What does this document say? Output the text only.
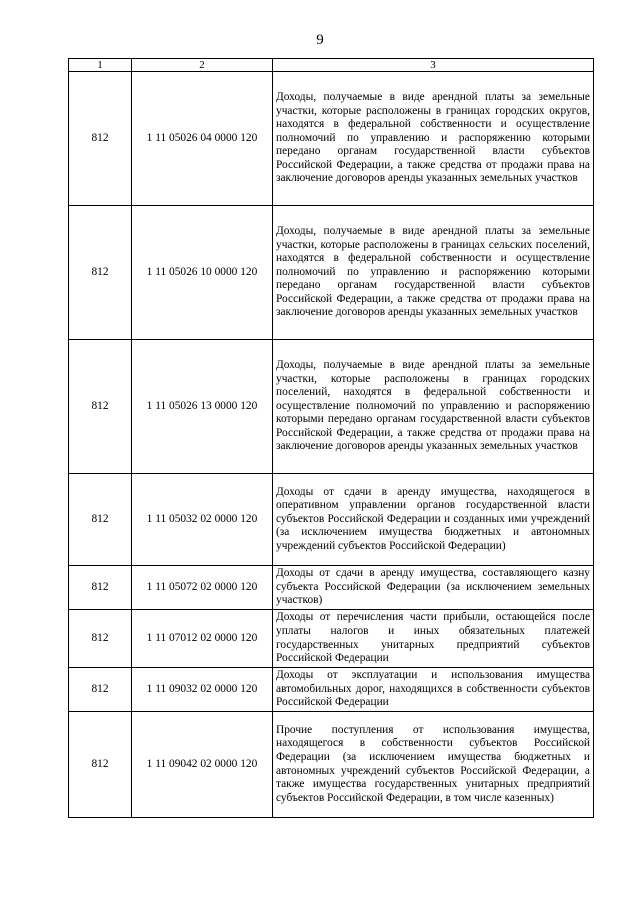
9
1	2	3
812	1 11 05026 04 0000 120	Доходы, получаемые в виде арендной платы за земельные участки, которые расположены в границах городских округов, находятся в федеральной собственности и осуществление полномочий по управлению и распоряжению которыми передано органам государственной власти субъектов Российской Федерации, а также средства от продажи права на заключение договоров аренды указанных земельных участков
812	1 11 05026 10 0000 120	Доходы, получаемые в виде арендной платы за земельные участки, которые расположены в границах сельских поселений, находятся в федеральной собственности и осуществление полномочий по управлению и распоряжению которыми передано органам государственной власти субъектов Российской Федерации, а также средства от продажи права на заключение договоров аренды указанных земельных участков
812	1 11 05026 13 0000 120	Доходы, получаемые в виде арендной платы за земельные участки, которые расположены в границах городских поселений, находятся в федеральной собственности и осуществление полномочий по управлению и распоряжению которыми передано органам государственной власти субъектов Российской Федерации, а также средства от продажи права на заключение договоров аренды указанных земельных участков
812	1 11 05032 02 0000 120	Доходы от сдачи в аренду имущества, находящегося в оперативном управлении органов государственной власти субъектов Российской Федерации и созданных ими учреждений (за исключением имущества бюджетных и автономных учреждений субъектов Российской Федерации)
812	1 11 05072 02 0000 120	Доходы от сдачи в аренду имущества, составляющего казну субъекта Российской Федерации (за исключением земельных участков)
812	1 11 07012 02 0000 120	Доходы от перечисления части прибыли, остающейся после уплаты налогов и иных обязательных платежей государственных унитарных предприятий субъектов Российской Федерации
812	1 11 09032 02 0000 120	Доходы от эксплуатации и использования имущества автомобильных дорог, находящихся в собственности субъектов Российской Федерации
812	1 11 09042 02 0000 120	Прочие поступления от использования имущества, находящегося в собственности субъектов Российской Федерации (за исключением имущества бюджетных и автономных учреждений субъектов Российской Федерации, а также имущества государственных унитарных предприятий субъектов Российской Федерации, в том числе казенных)
